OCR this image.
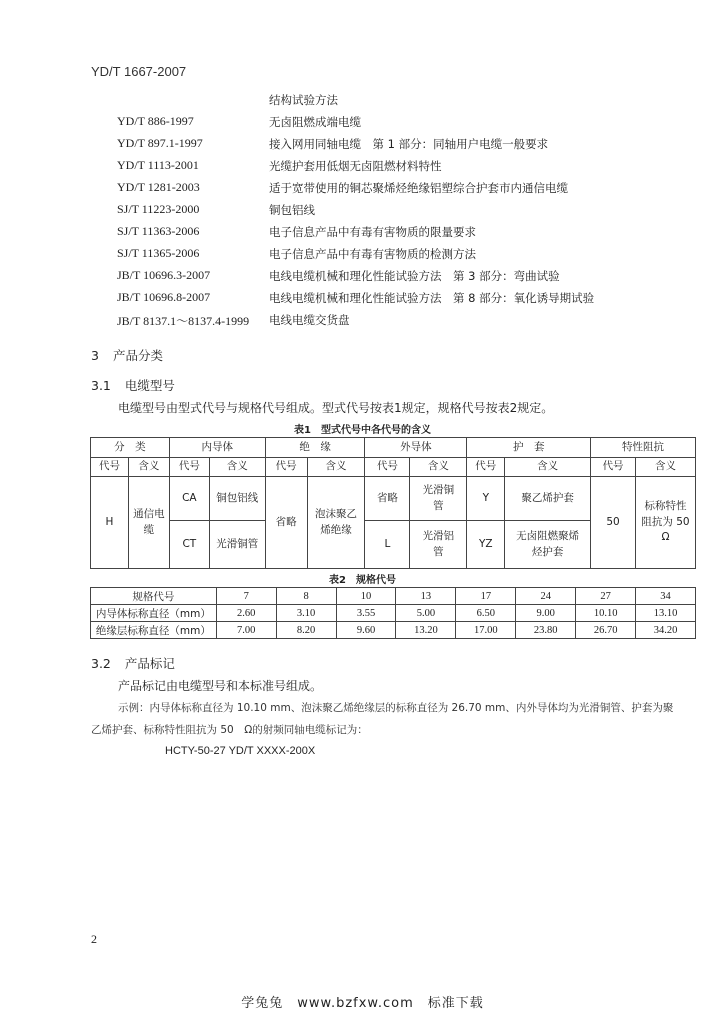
YD/T 1667-2007
结构试验方法
YD/T 886-1997	无卤阻燃成端电缆
YD/T 897.1-1997	接入网用同轴电缆　第 1 部分：同轴用户电缆一般要求
YD/T 1113-2001	光缆护套用低烟无卤阻燃材料特性
YD/T 1281-2003	适于宽带使用的铜芯聚烯烃绝缘铝塑综合护套市内通信电缆
SJ/T 11223-2000	铜包铝线
SJ/T 11363-2006	电子信息产品中有毒有害物质的限量要求
SJ/T 11365-2006	电子信息产品中有毒有害物质的检测方法
JB/T 10696.3-2007	电线电缆机械和理化性能试验方法　第 3 部分：弯曲试验
JB/T 10696.8-2007	电线电缆机械和理化性能试验方法　第 8 部分：氧化诱导期试验
JB/T 8137.1～8137.4-1999 电线电缆交货盘
3 产品分类
3.1 电缆型号
电缆型号由型式代号与规格代号组成。型式代号按表1规定，规格代号按表2规定。
表1　型式代号中各代号的含义
分　类		内导体		绝　缘		外导体		护　套		特性阻抗	
代号	含义	代号	含义	代号	含义	代号	含义	代号	含义	代号	含义
H	通信电缆	CA	铜包铝线	省略	泡沫聚乙烯绝缘	省略	光滑铜管	Y	聚乙烯护套	50	标称特性阻抗为 50 Ω
		CT	光滑铜管			L	光滑铝管	YZ	无卤阻燃聚烯烃护套		
表2　规格代号
规格代号	7	8	10	13	17	24	27	34
内导体标称直径（mm）	2.60	3.10	3.55	5.00	6.50	9.00	10.10	13.10
绝缘层标称直径（mm）	7.00	8.20	9.60	13.20	17.00	23.80	26.70	34.20
3.2 产品标记
产品标记由电缆型号和本标准号组成。
示例：内导体标称直径为 10.10 mm、泡沫聚乙烯绝缘层的标称直径为 26.70 mm、内外导体均为光滑铜管、护套为聚
乙烯护套、标称特性阻抗为 50　Ω的射频同轴电缆标记为：
HCTY-50-27 YD/T XXXX-200X
2
学兔兔　www.bzfxw.com　标准下载
